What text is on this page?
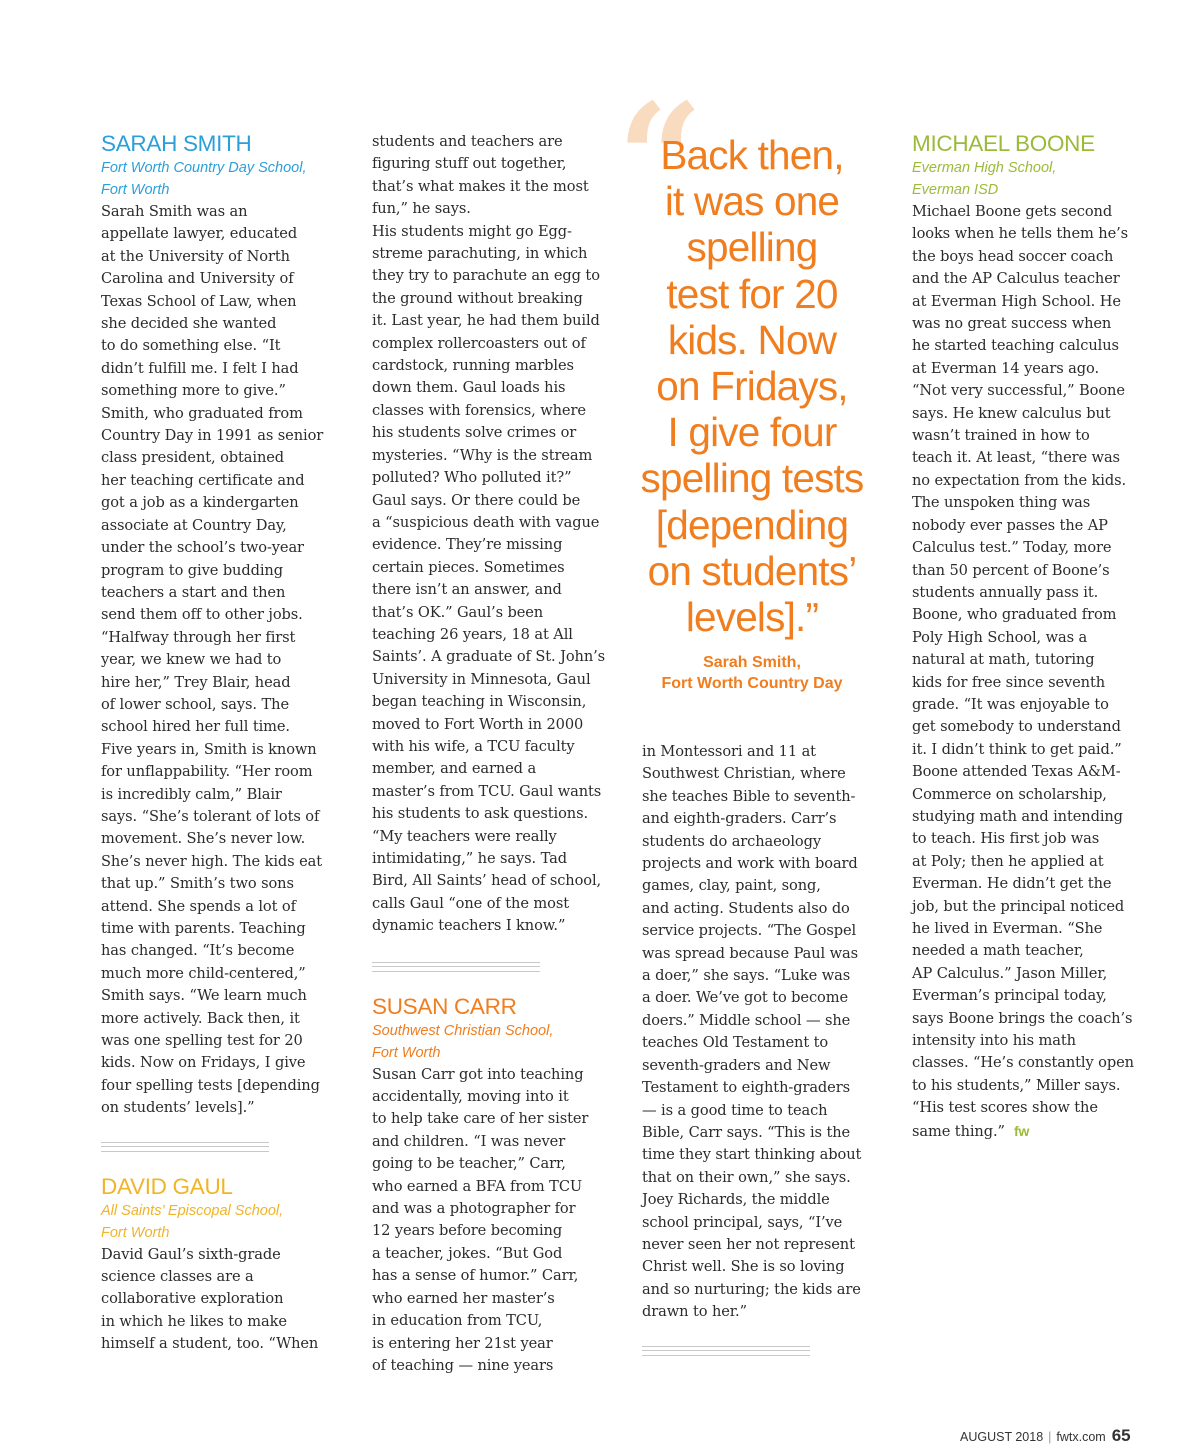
SARAH SMITH
Fort Worth Country Day School,
Fort Worth
Sarah Smith was an
appellate lawyer, educated
at the University of North
Carolina and University of
Texas School of Law, when
she decided she wanted
to do something else. “It
didn’t fulfill me. I felt I had
something more to give.”
Smith, who graduated from
Country Day in 1991 as senior
class president, obtained
her teaching certificate and
got a job as a kindergarten
associate at Country Day,
under the school’s two-year
program to give budding
teachers a start and then
send them off to other jobs.
“Halfway through her first
year, we knew we had to
hire her,” Trey Blair, head
of lower school, says. The
school hired her full time.
Five years in, Smith is known
for unflappability. “Her room
is incredibly calm,” Blair
says. “She’s tolerant of lots of
movement. She’s never low.
She’s never high. The kids eat
that up.” Smith’s two sons
attend. She spends a lot of
time with parents. Teaching
has changed. “It’s become
much more child-centered,”
Smith says. “We learn much
more actively. Back then, it
was one spelling test for 20
kids. Now on Fridays, I give
four spelling tests [depending
on students’ levels].”
DAVID GAUL
All Saints’ Episcopal School,
Fort Worth
David Gaul’s sixth-grade
science classes are a
collaborative exploration
in which he likes to make
himself a student, too. “When
students and teachers are
figuring stuff out together,
that’s what makes it the most
fun,” he says.
His students might go Egg-
streme parachuting, in which
they try to parachute an egg to
the ground without breaking
it. Last year, he had them build
complex rollercoasters out of
cardstock, running marbles
down them. Gaul loads his
classes with forensics, where
his students solve crimes or
mysteries. “Why is the stream
polluted? Who polluted it?”
Gaul says. Or there could be
a “suspicious death with vague
evidence. They’re missing
certain pieces. Sometimes
there isn’t an answer, and
that’s OK.” Gaul’s been
teaching 26 years, 18 at All
Saints’. A graduate of St. John’s
University in Minnesota, Gaul
began teaching in Wisconsin,
moved to Fort Worth in 2000
with his wife, a TCU faculty
member, and earned a
master’s from TCU. Gaul wants
his students to ask questions.
“My teachers were really
intimidating,” he says. Tad
Bird, All Saints’ head of school,
calls Gaul “one of the most
dynamic teachers I know.”
SUSAN CARR
Southwest Christian School,
Fort Worth
Susan Carr got into teaching
accidentally, moving into it
to help take care of her sister
and children. “I was never
going to be teacher,” Carr,
who earned a BFA from TCU
and was a photographer for
12 years before becoming
a teacher, jokes. “But God
has a sense of humor.” Carr,
who earned her master’s
in education from TCU,
is entering her 21st year
of teaching — nine years
“
Back then,
it was one
spelling
test for 20
kids. Now
on Fridays,
I give four
spelling tests
[depending
on students’
levels].”
Sarah Smith,
Fort Worth Country Day
in Montessori and 11 at
Southwest Christian, where
she teaches Bible to seventh-
and eighth-graders. Carr’s
students do archaeology
projects and work with board
games, clay, paint, song,
and acting. Students also do
service projects. “The Gospel
was spread because Paul was
a doer,” she says. “Luke was
a doer. We’ve got to become
doers.” Middle school — she
teaches Old Testament to
seventh-graders and New
Testament to eighth-graders
— is a good time to teach
Bible, Carr says. “This is the
time they start thinking about
that on their own,” she says.
Joey Richards, the middle
school principal, says, “I’ve
never seen her not represent
Christ well. She is so loving
and so nurturing; the kids are
drawn to her.”
MICHAEL BOONE
Everman High School,
Everman ISD
Michael Boone gets second
looks when he tells them he’s
the boys head soccer coach
and the AP Calculus teacher
at Everman High School. He
was no great success when
he started teaching calculus
at Everman 14 years ago.
“Not very successful,” Boone
says. He knew calculus but
wasn’t trained in how to
teach it. At least, “there was
no expectation from the kids.
The unspoken thing was
nobody ever passes the AP
Calculus test.” Today, more
than 50 percent of Boone’s
students annually pass it.
Boone, who graduated from
Poly High School, was a
natural at math, tutoring
kids for free since seventh
grade. “It was enjoyable to
get somebody to understand
it. I didn’t think to get paid.”
Boone attended Texas A&M-
Commerce on scholarship,
studying math and intending
to teach. His first job was
at Poly; then he applied at
Everman. He didn’t get the
job, but the principal noticed
he lived in Everman. “She
needed a math teacher,
AP Calculus.” Jason Miller,
Everman’s principal today,
says Boone brings the coach’s
intensity into his math
classes. “He’s constantly open
to his students,” Miller says.
“His test scores show the
same thing.” fw
AUGUST 2018 | fwtx.com 65
